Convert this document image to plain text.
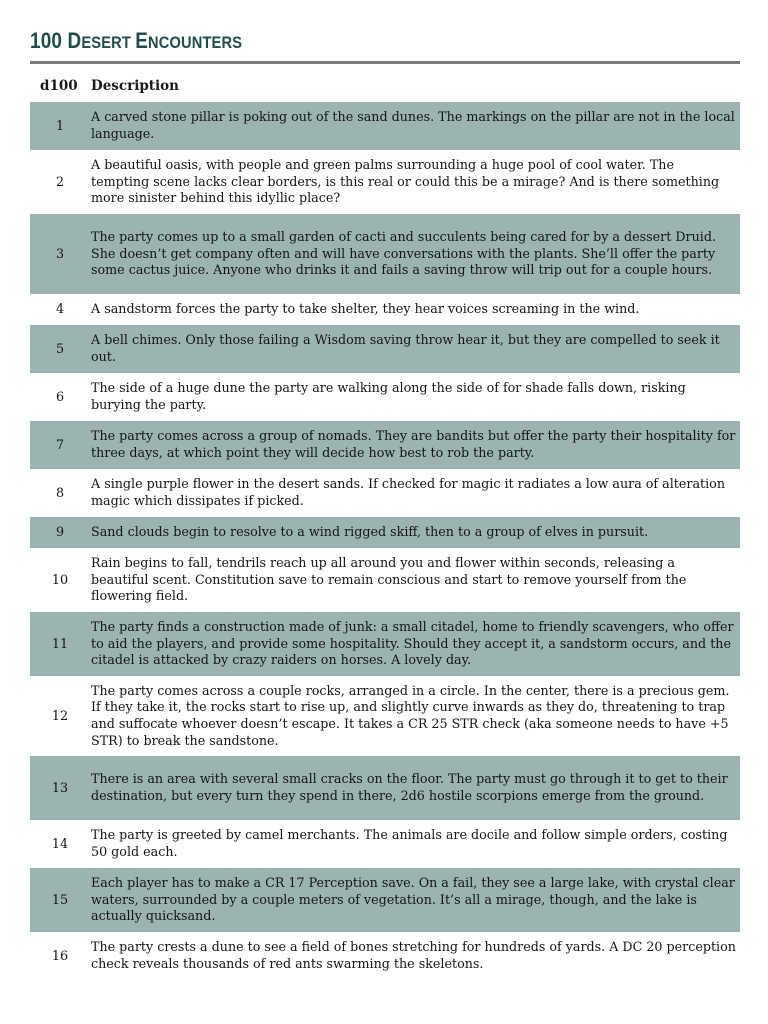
100 DESERT ENCOUNTERS
d100 Description
1
A carved stone pillar is poking out of the sand dunes. The markings on the pillar are not in the local language.
2
A beautiful oasis, with people and green palms surrounding a huge pool of cool water. The tempting scene lacks clear borders, is this real or could this be a mirage? And is there something more sinister behind this idyllic place?
3
The party comes up to a small garden of cacti and succulents being cared for by a dessert Druid. She doesn’t get company often and will have conversations with the plants. She’ll offer the party some cactus juice. Anyone who drinks it and fails a saving throw will trip out for a couple hours.
4	A sandstorm forces the party to take shelter, they hear voices screaming in the wind.
5
A bell chimes. Only those failing a Wisdom saving throw hear it, but they are compelled to seek it out.
6
The side of a huge dune the party are walking along the side of for shade falls down, risking burying the party.
7
The party comes across a group of nomads. They are bandits but offer the party their hospitality for three days, at which point they will decide how best to rob the party.
8
A single purple flower in the desert sands. If checked for magic it radiates a low aura of alteration magic which dissipates if picked.
9	Sand clouds begin to resolve to a wind rigged skiff, then to a group of elves in pursuit.
10
Rain begins to fall, tendrils reach up all around you and flower within seconds, releasing a beautiful scent. Constitution save to remain conscious and start to remove yourself from the flowering field.
11
The party finds a construction made of junk: a small citadel, home to friendly scavengers, who offer to aid the players, and provide some hospitality. Should they accept it, a sandstorm occurs, and the citadel is attacked by crazy raiders on horses. A lovely day.
12
The party comes across a couple rocks, arranged in a circle. In the center, there is a precious gem. If they take it, the rocks start to rise up, and slightly curve inwards as they do, threatening to trap and suffocate whoever doesn’t escape. It takes a CR 25 STR check (aka someone needs to have +5 STR) to break the sandstone.
13
There is an area with several small cracks on the floor. The party must go through it to get to their destination, but every turn they spend in there, 2d6 hostile scorpions emerge from the ground.
14
The party is greeted by camel merchants. The animals are docile and follow simple orders, costing 50 gold each.
15
Each player has to make a CR 17 Perception save. On a fail, they see a large lake, with crystal clear waters, surrounded by a couple meters of vegetation. It’s all a mirage, though, and the lake is actually quicksand.
16
The party crests a dune to see a field of bones stretching for hundreds of yards. A DC 20 perception check reveals thousands of red ants swarming the skeletons.
